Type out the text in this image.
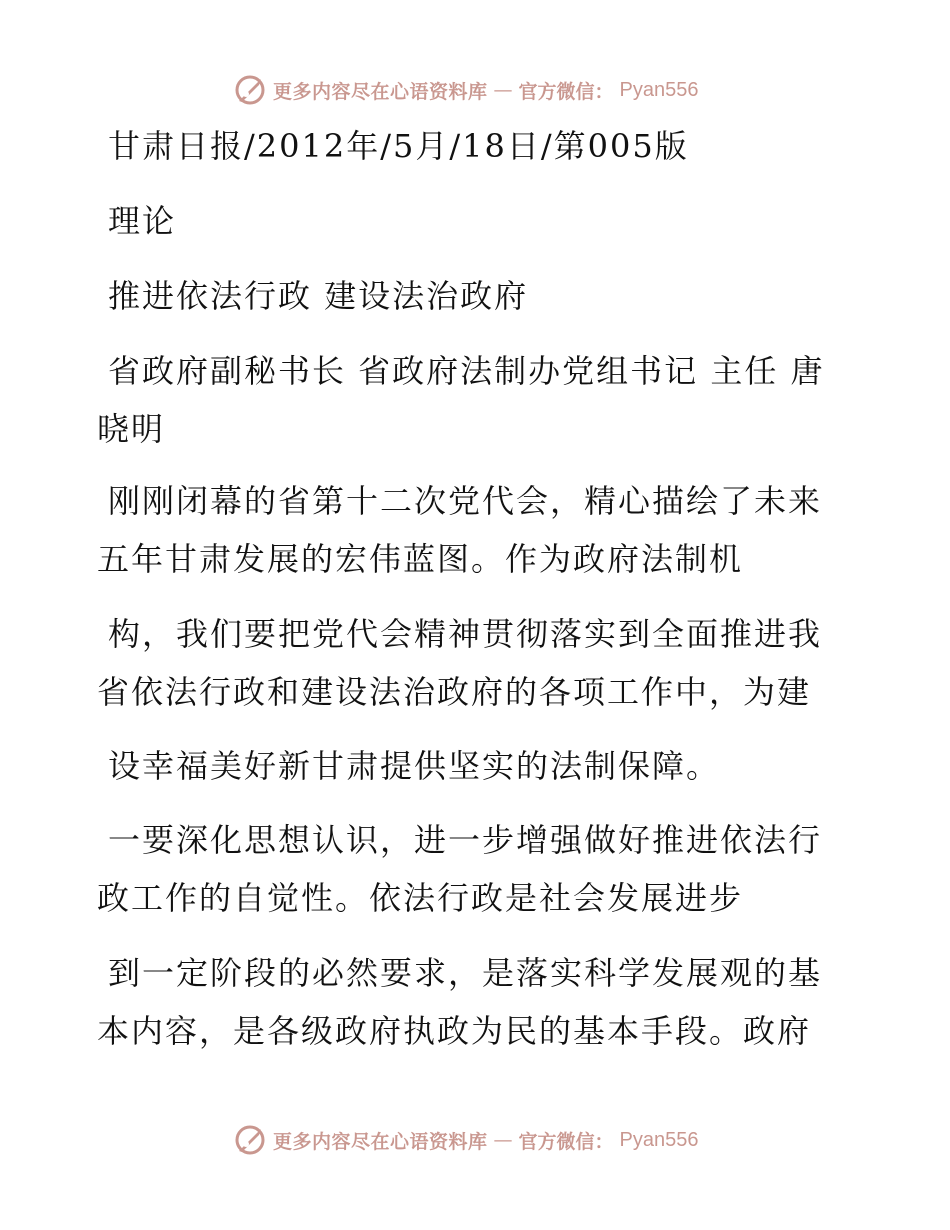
更多内容尽在心语资料库 — 官方微信： Pyan556
甘肃日报/2012年/5月/18日/第005版
理论
推进依法行政 建设法治政府
省政府副秘书长 省政府法制办党组书记 主任 唐
晓明
刚刚闭幕的省第十二次党代会，精心描绘了未来
五年甘肃发展的宏伟蓝图。作为政府法制机
构，我们要把党代会精神贯彻落实到全面推进我
省依法行政和建设法治政府的各项工作中，为建
设幸福美好新甘肃提供坚实的法制保障。
一要深化思想认识，进一步增强做好推进依法行
政工作的自觉性。依法行政是社会发展进步
到一定阶段的必然要求，是落实科学发展观的基
本内容，是各级政府执政为民的基本手段。政府
更多内容尽在心语资料库 — 官方微信： Pyan556
